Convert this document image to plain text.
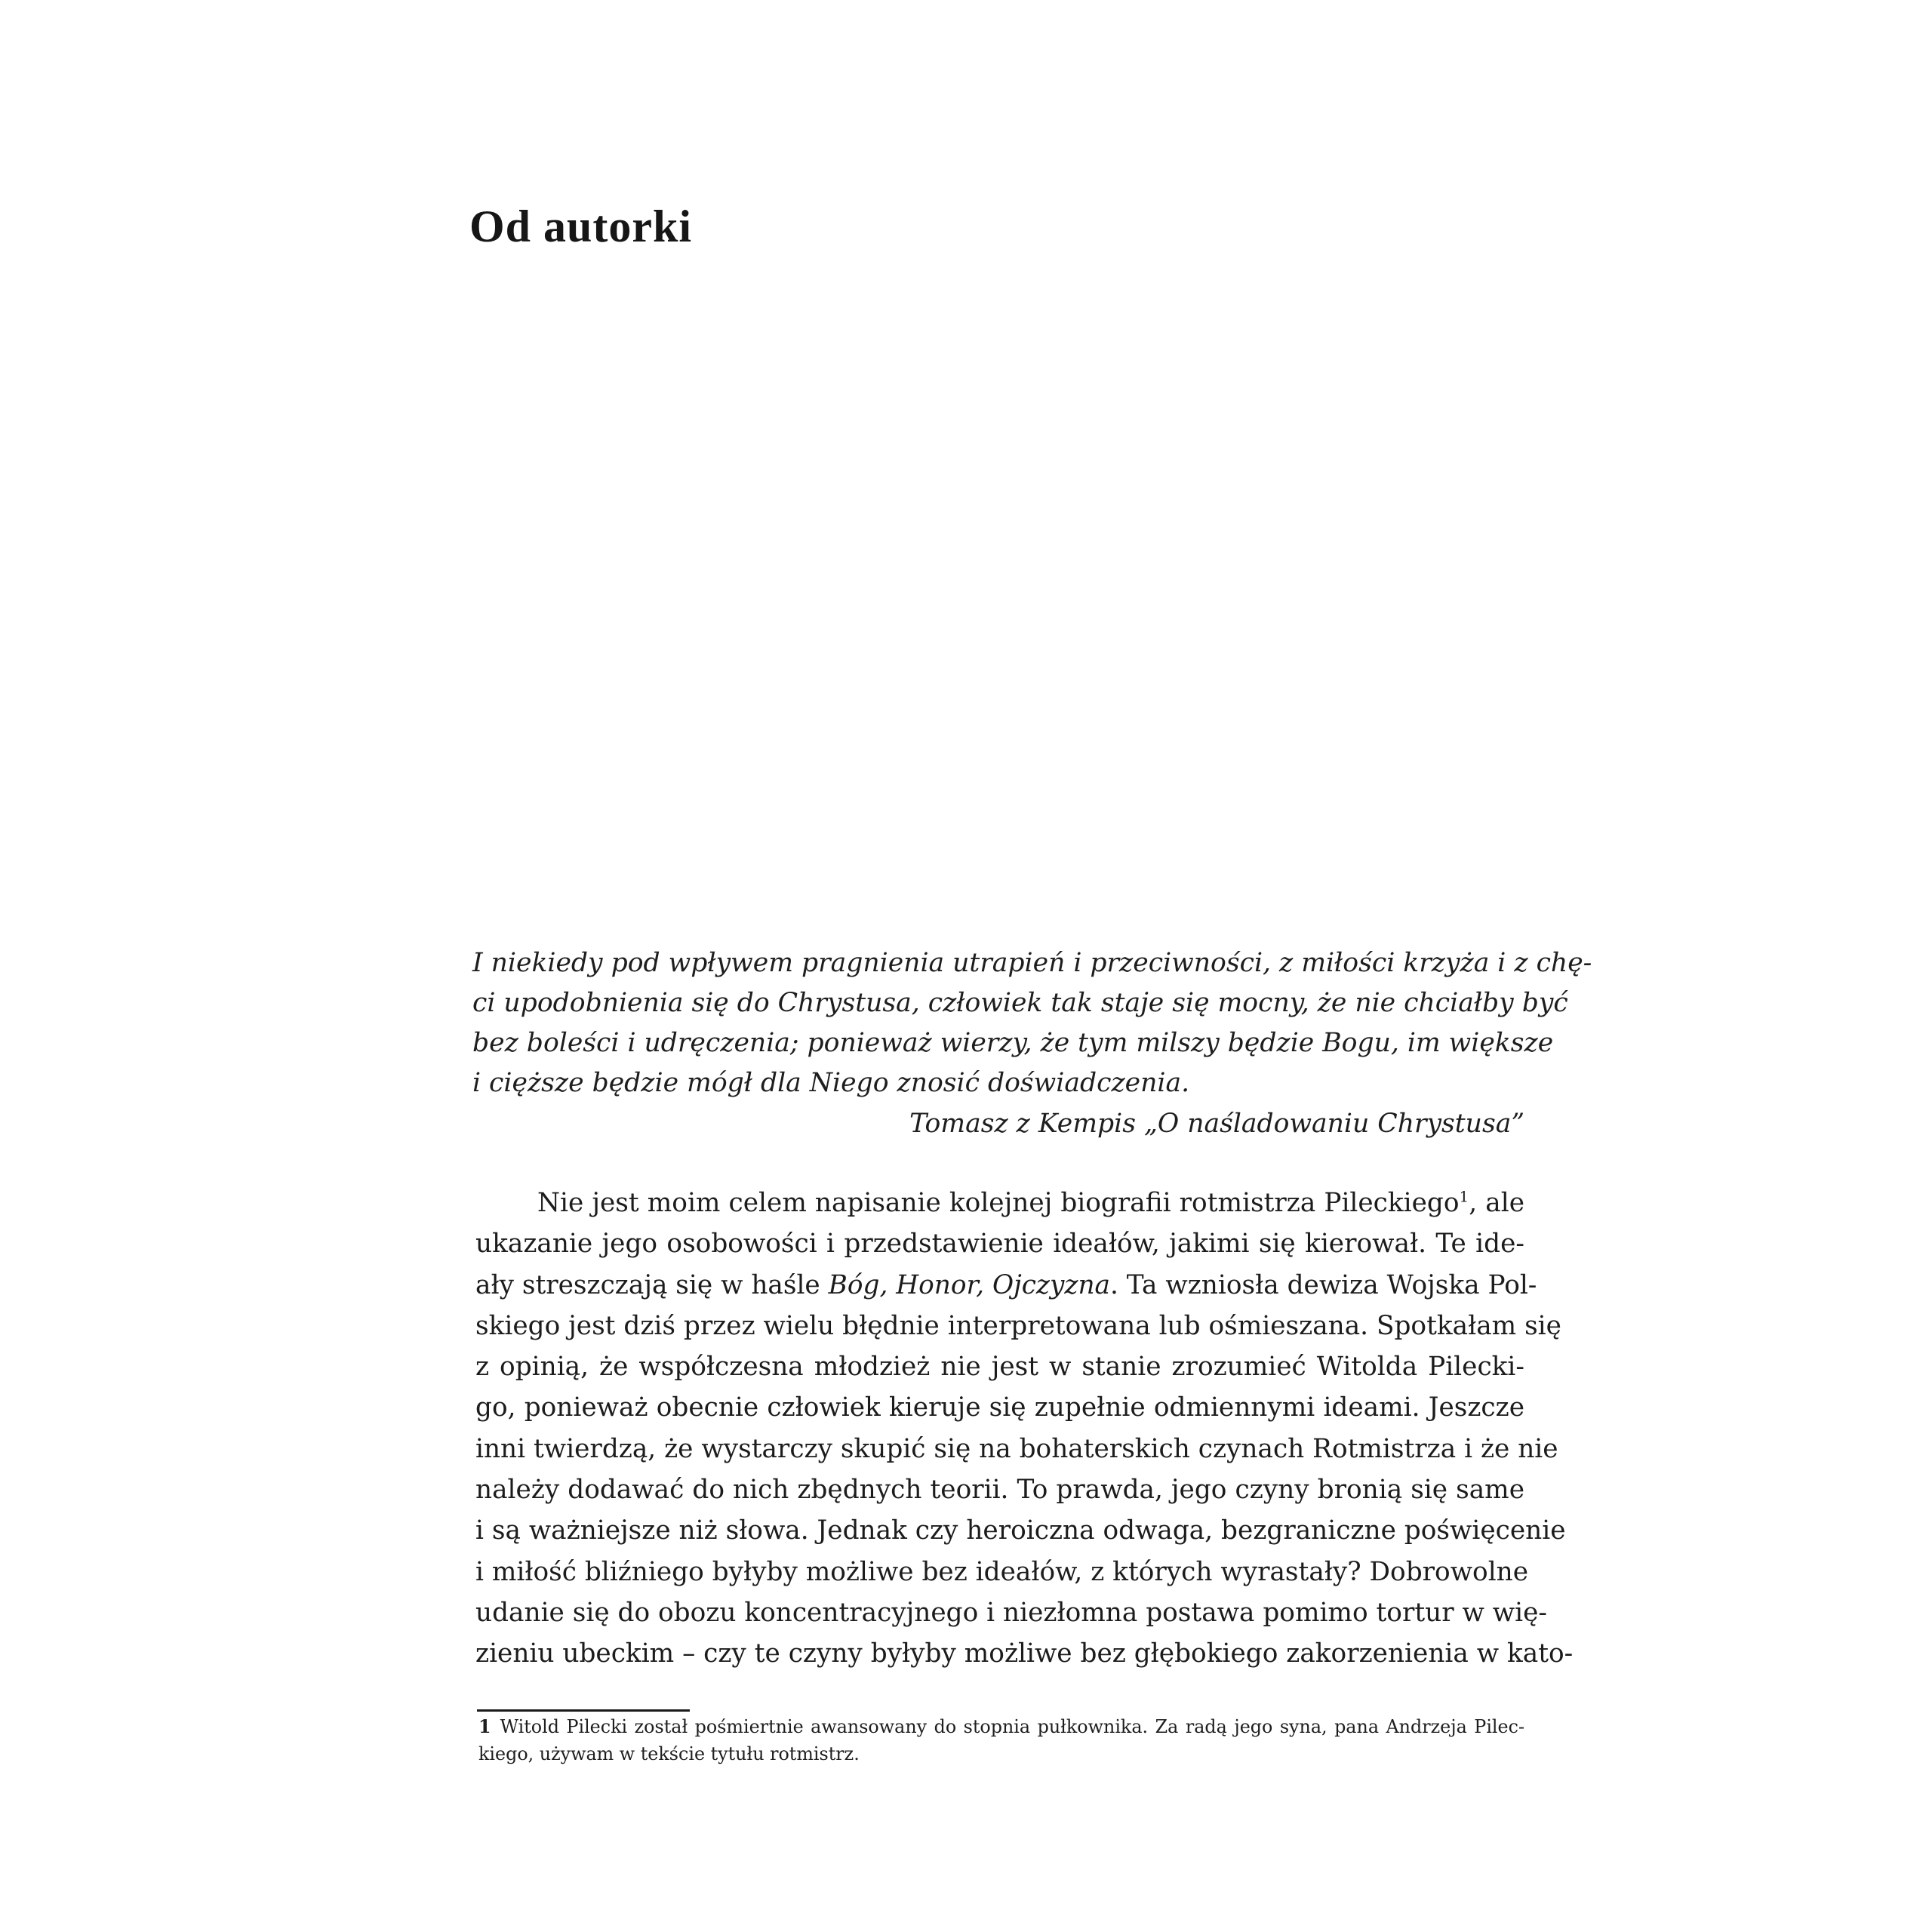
Od autorki

I niekiedy pod wpływem pragnienia utrapień i przeciwności, z miłości krzyża i z chę-
ci upodobnienia się do Chrystusa, człowiek tak staje się mocny, że nie chciałby być
bez boleści i udręczenia; ponieważ wierzy, że tym milszy będzie Bogu, im większe
i cięższe będzie mógł dla Niego znosić doświadczenia.

Tomasz z Kempis „O naśladowaniu Chrystusa”
Nie jest moim celem napisanie kolejnej biografii rotmistrza Pileckiego$^1$, ale
ukazanie jego osobowości i przedstawienie ideałów, jakimi się kierował. Te ide-
ały streszczają się w haśle Bóg, Honor, Ojczyzna. Ta wzniosła dewiza Wojska Pol-
skiego jest dziś przez wielu błędnie interpretowana lub ośmieszana. Spotkałam się
z opinią, że współczesna młodzież nie jest w stanie zrozumieć Witolda Pilecki-
go, ponieważ obecnie człowiek kieruje się zupełnie odmiennymi ideami. Jeszcze
inni twierdzą, że wystarczy skupić się na bohaterskich czynach Rotmistrza i że nie
należy dodawać do nich zbędnych teorii. To prawda, jego czyny bronią się same
i są ważniejsze niż słowa. Jednak czy heroiczna odwaga, bezgraniczne poświęcenie
i miłość bliźniego byłyby możliwe bez ideałów, z których wyrastały? Dobrowolne
udanie się do obozu koncentracyjnego i niezłomna postawa pomimo tortur w wię-
zieniu ubeckim – czy te czyny byłyby możliwe bez głębokiego zakorzenienia w kato-
1 Witold Pilecki został pośmiertnie awansowany do stopnia pułkownika. Za radą jego syna, pana Andrzeja Pilec-
kiego, używam w tekście tytułu rotmistrz.
